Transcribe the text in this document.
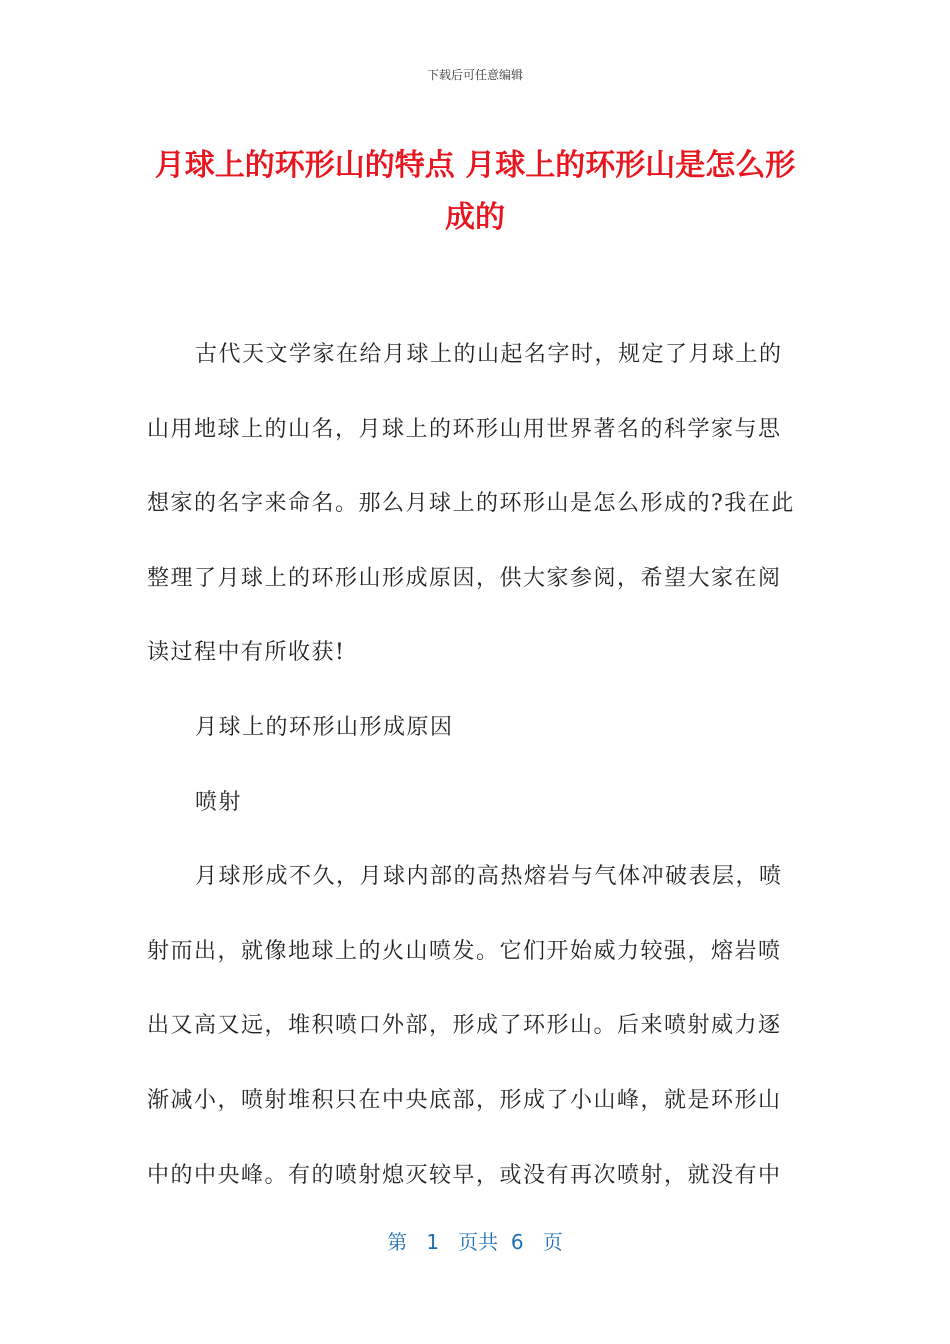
下载后可任意编辑
月球上的环形山的特点 月球上的环形山是怎么形成的

古代天文学家在给月球上的山起名字时，规定了月球上的
山用地球上的山名，月球上的环形山用世界著名的科学家与思
想家的名字来命名。那么月球上的环形山是怎么形成的?我在此
整理了月球上的环形山形成原因，供大家参阅，希望大家在阅
读过程中有所收获!

月球上的环形山形成原因

喷射

月球形成不久，月球内部的高热熔岩与气体冲破表层，喷
射而出，就像地球上的火山喷发。它们开始威力较强，熔岩喷
出又高又远，堆积喷口外部，形成了环形山。后来喷射威力逐
渐减小，喷射堆积只在中央底部，形成了小山峰，就是环形山
中的中央峰。有的喷射熄灭较早，或没有再次喷射，就没有中

第 1 页共 6 页
